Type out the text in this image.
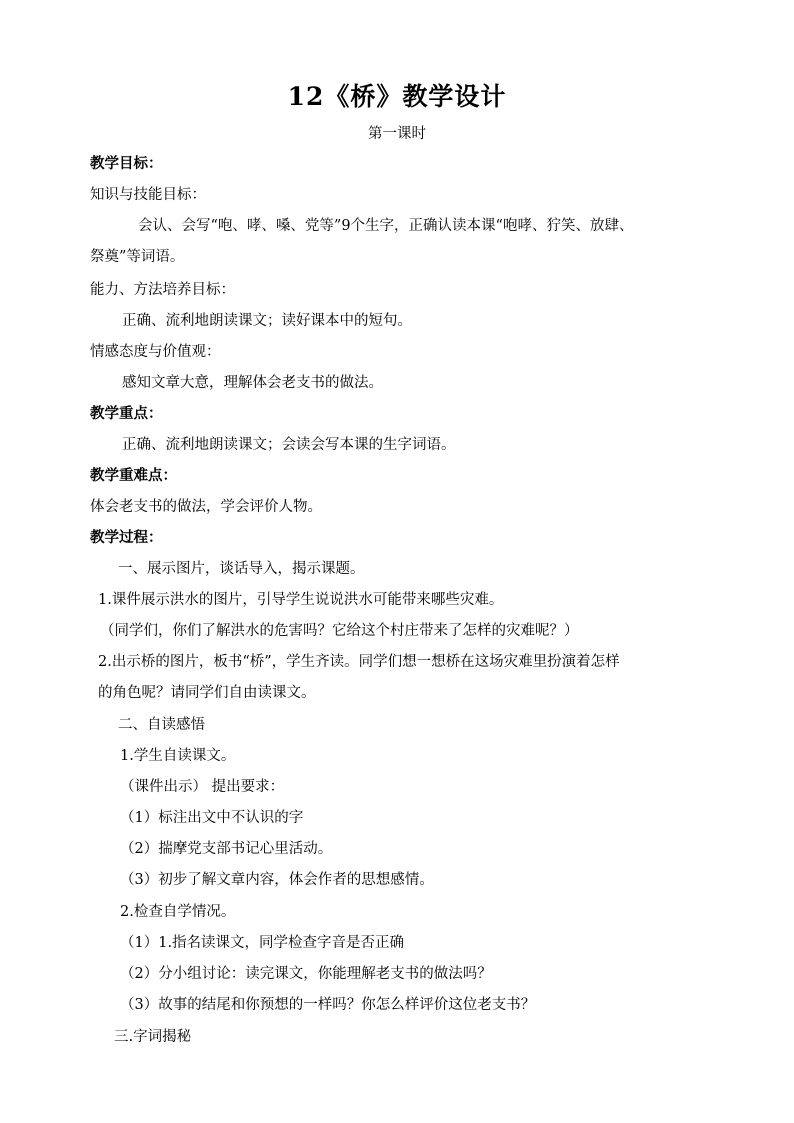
12《桥》教学设计
第一课时
教学目标：
知识与技能目标：
会认、会写“咆、哮、嗓、党等”9个生字，正确认读本课“咆哮、狞笑、放肆、
祭奠”等词语。
能力、方法培养目标：
正确、流利地朗读课文；读好课本中的短句。
情感态度与价值观：
感知文章大意，理解体会老支书的做法。
教学重点：
正确、流利地朗读课文；会读会写本课的生字词语。
教学重难点：
体会老支书的做法，学会评价人物。
教学过程：
一、展示图片，谈话导入，揭示课题。
1.课件展示洪水的图片，引导学生说说洪水可能带来哪些灾难。
（同学们，你们了解洪水的危害吗？它给这个村庄带来了怎样的灾难呢？）
2.出示桥的图片，板书“桥”，学生齐读。同学们想一想桥在这场灾难里扮演着怎样
的角色呢？请同学们自由读课文。
二、自读感悟
1.学生自读课文。
（课件出示） 提出要求：
（1）标注出文中不认识的字
（2）揣摩党支部书记心里活动。
（3）初步了解文章内容，体会作者的思想感情。
2.检查自学情况。
（1）1.指名读课文，同学检查字音是否正确
（2）分小组讨论：读完课文，你能理解老支书的做法吗？
（3）故事的结尾和你预想的一样吗？你怎么样评价这位老支书？
三.字词揭秘
